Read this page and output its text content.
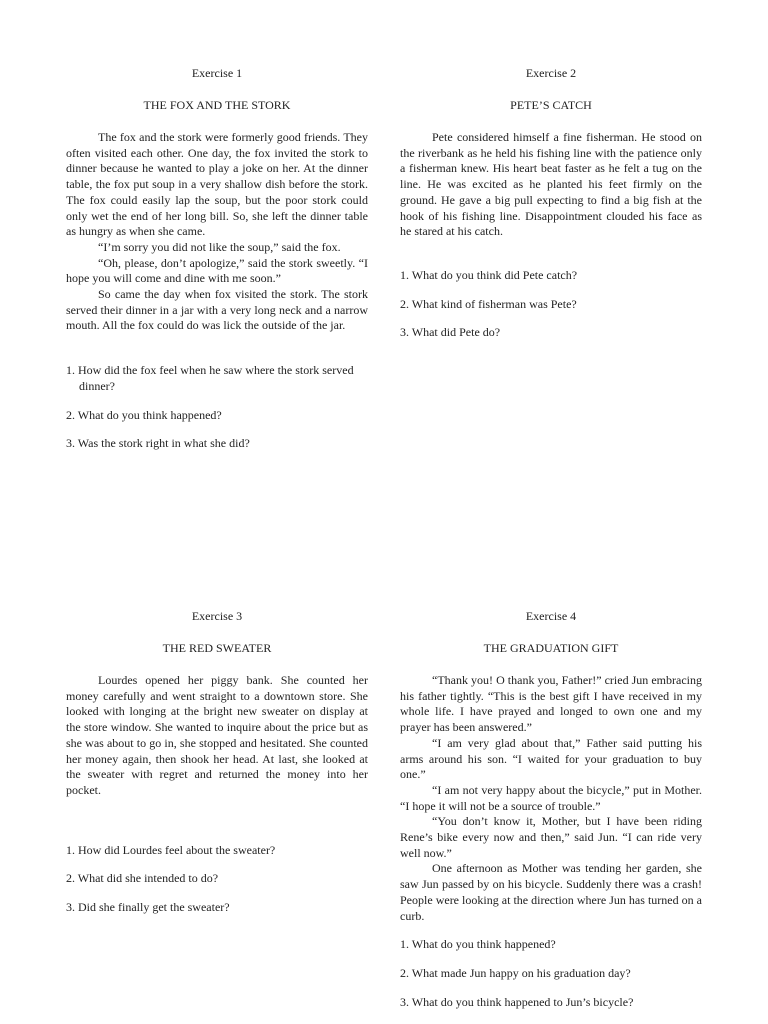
Exercise 1
THE FOX AND THE STORK

The fox and the stork were formerly good friends. They often visited each other. One day, the fox invited the stork to dinner because he wanted to play a joke on her. At the dinner table, the fox put soup in a very shallow dish before the stork. The fox could easily lap the soup, but the poor stork could only wet the end of her long bill. So, she left the dinner table as hungry as when she came.

“I’m sorry you did not like the soup,” said the fox.

“Oh, please, don’t apologize,” said the stork sweetly. “I hope you will come and dine with me soon.”

So came the day when fox visited the stork. The stork served their dinner in a jar with a very long neck and a narrow mouth. All the fox could do was lick the outside of the jar.

1. How did the fox feel when he saw where the stork served dinner?
2. What do you think happened?
3. Was the stork right in what she did?
Exercise 2
PETE’S CATCH

Pete considered himself a fine fisherman. He stood on the riverbank as he held his fishing line with the patience only a fisherman knew. His heart beat faster as he felt a tug on the line. He was excited as he planted his feet firmly on the ground. He gave a big pull expecting to find a big fish at the hook of his fishing line. Disappointment clouded his face as he stared at his catch.

1. What do you think did Pete catch?
2. What kind of fisherman was Pete?
3. What did Pete do?
Exercise 3
THE RED SWEATER

Lourdes opened her piggy bank. She counted her money carefully and went straight to a downtown store. She looked with longing at the bright new sweater on display at the store window. She wanted to inquire about the price but as she was about to go in, she stopped and hesitated. She counted her money again, then shook her head. At last, she looked at the sweater with regret and returned the money into her pocket.

1. How did Lourdes feel about the sweater?
2. What did she intended to do?
3. Did she finally get the sweater?
Exercise 4
THE GRADUATION GIFT

“Thank you! O thank you, Father!” cried Jun embracing his father tightly. “This is the best gift I have received in my whole life. I have prayed and longed to own one and my prayer has been answered.”

“I am very glad about that,” Father said putting his arms around his son. “I waited for your graduation to buy one.”

“I am not very happy about the bicycle,” put in Mother. “I hope it will not be a source of trouble.”

“You don’t know it, Mother, but I have been riding Rene’s bike every now and then,” said Jun. “I can ride very well now.”

One afternoon as Mother was tending her garden, she saw Jun passed by on his bicycle. Suddenly there was a crash! People were looking at the direction where Jun has turned on a curb.

1. What do you think happened?
2. What made Jun happy on his graduation day?
3. What do you think happened to Jun’s bicycle?
